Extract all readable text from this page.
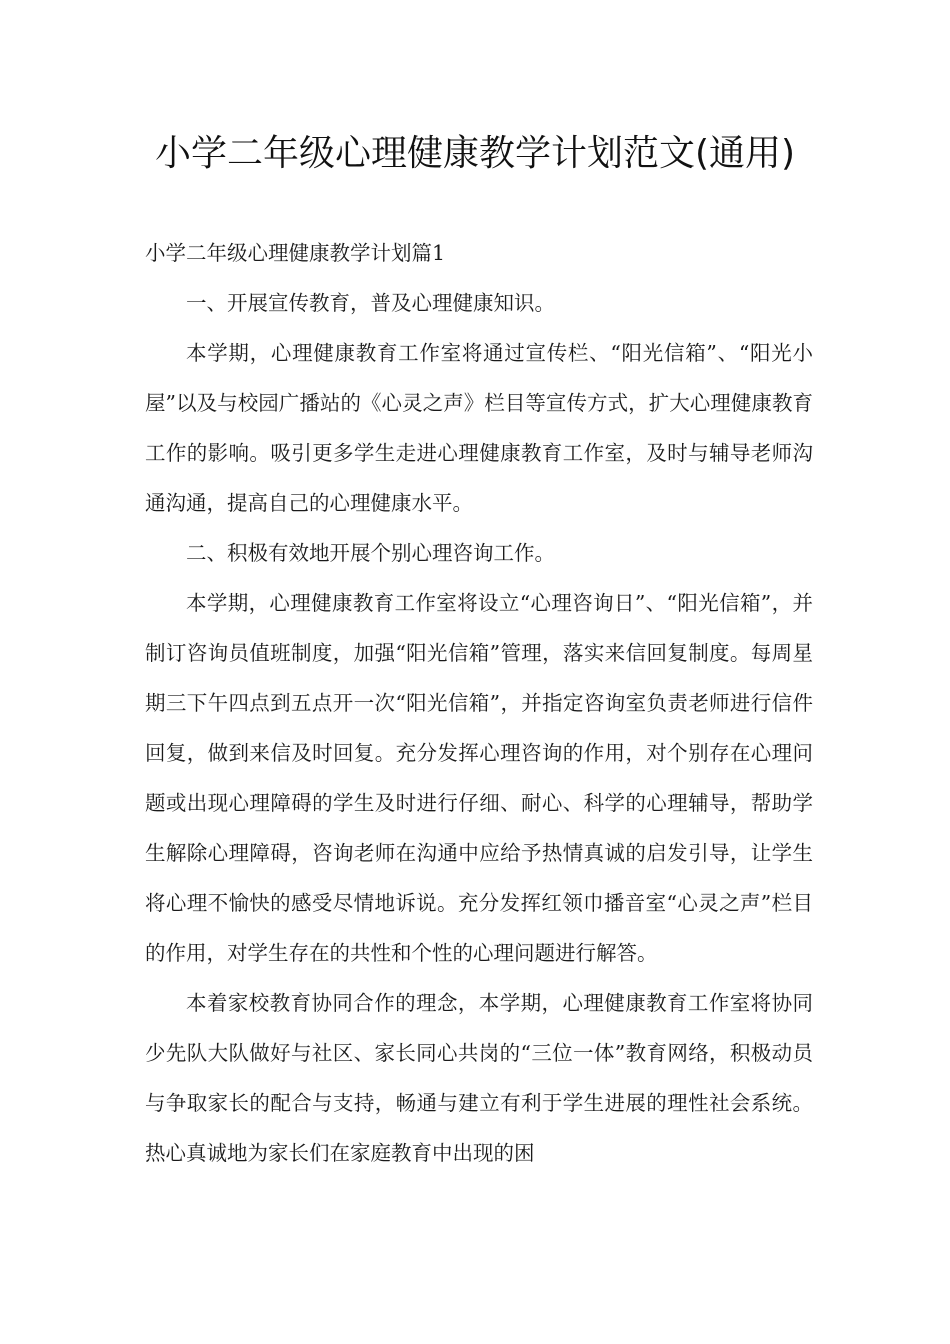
小学二年级心理健康教学计划范文(通用)

小学二年级心理健康教学计划篇1

一、开展宣传教育，普及心理健康知识。

本学期，心理健康教育工作室将通过宣传栏、“阳光信箱”、“阳光小屋”以及与校园广播站的《心灵之声》栏目等宣传方式，扩大心理健康教育工作的影响。吸引更多学生走进心理健康教育工作室，及时与辅导老师沟通沟通，提高自己的心理健康水平。

二、积极有效地开展个别心理咨询工作。

本学期，心理健康教育工作室将设立“心理咨询日”、“阳光信箱”，并制订咨询员值班制度，加强“阳光信箱”管理，落实来信回复制度。每周星期三下午四点到五点开一次“阳光信箱”，并指定咨询室负责老师进行信件回复，做到来信及时回复。充分发挥心理咨询的作用，对个别存在心理问题或出现心理障碍的学生及时进行仔细、耐心、科学的心理辅导，帮助学生解除心理障碍，咨询老师在沟通中应给予热情真诚的启发引导，让学生将心理不愉快的感受尽情地诉说。充分发挥红领巾播音室“心灵之声”栏目的作用，对学生存在的共性和个性的心理问题进行解答。

本着家校教育协同合作的理念，本学期，心理健康教育工作室将协同少先队大队做好与社区、家长同心共岗的“三位一体”教育网络，积极动员与争取家长的配合与支持，畅通与建立有利于学生进展的理性社会系统。热心真诚地为家长们在家庭教育中出现的困
